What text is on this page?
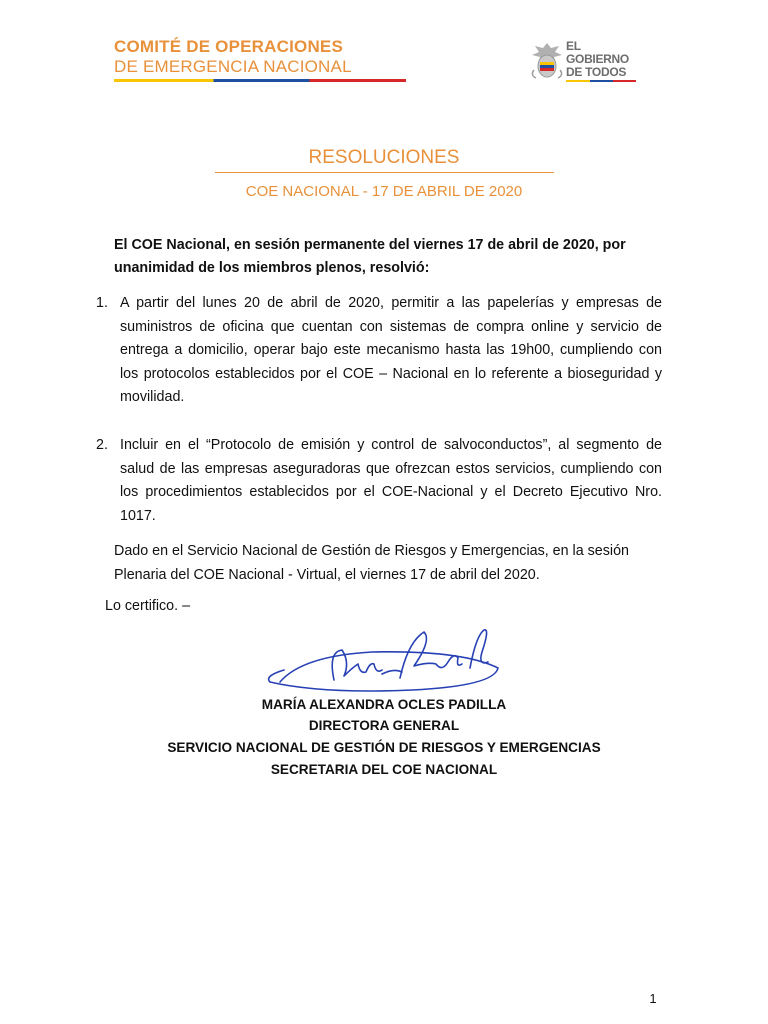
COMITÉ DE OPERACIONES
DE EMERGENCIA NACIONAL
EL
GOBIERNO
DE TODOS
RESOLUCIONES
COE NACIONAL - 17 DE ABRIL DE 2020
El COE Nacional, en sesión permanente del viernes 17 de abril de 2020, por unanimidad de los miembros plenos, resolvió:
1. A partir del lunes 20 de abril de 2020, permitir a las papelerías y empresas de suministros de oficina que cuentan con sistemas de compra online y servicio de entrega a domicilio, operar bajo este mecanismo hasta las 19h00, cumpliendo con los protocolos establecidos por el COE – Nacional en lo referente a bioseguridad y movilidad.
2. Incluir en el “Protocolo de emisión y control de salvoconductos”, al segmento de salud de las empresas aseguradoras que ofrezcan estos servicios, cumpliendo con los procedimientos establecidos por el COE-Nacional y el Decreto Ejecutivo Nro. 1017.
Dado en el Servicio Nacional de Gestión de Riesgos y Emergencias, en la sesión Plenaria del COE Nacional - Virtual, el viernes 17 de abril del 2020.
Lo certifico. –
MARÍA ALEXANDRA OCLES PADILLA
DIRECTORA GENERAL
SERVICIO NACIONAL DE GESTIÓN DE RIESGOS Y EMERGENCIAS
SECRETARIA DEL COE NACIONAL
1
